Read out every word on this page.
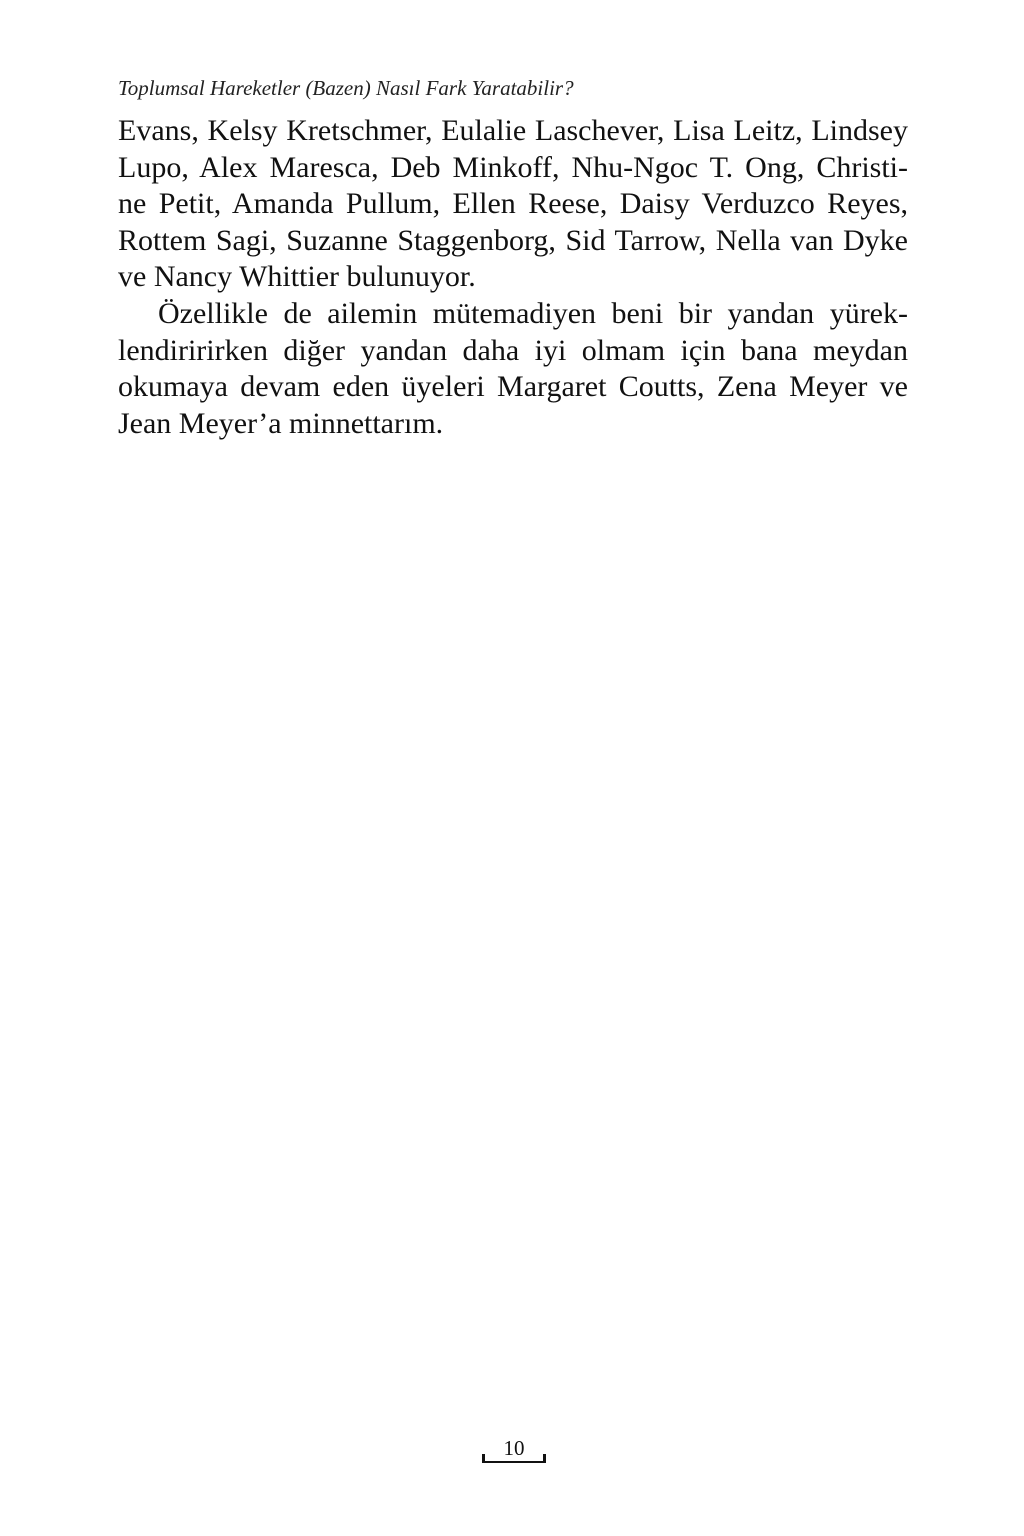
Toplumsal Hareketler (Bazen) Nasıl Fark Yaratabilir?
Evans, Kelsy Kretschmer, Eulalie Laschever, Lisa Leitz, Lindsey
Lupo, Alex Maresca, Deb Minkoff, Nhu-Ngoc T. Ong, Christi-
ne Petit, Amanda Pullum, Ellen Reese, Daisy Verduzco Reyes,
Rottem Sagi, Suzanne Staggenborg, Sid Tarrow, Nella van Dyke
ve Nancy Whittier bulunuyor.
Özellikle de ailemin mütemadiyen beni bir yandan yürek-
lendiririrken diğer yandan daha iyi olmam için bana meydan
okumaya devam eden üyeleri Margaret Coutts, Zena Meyer ve
Jean Meyer’a minnettarım.
10
